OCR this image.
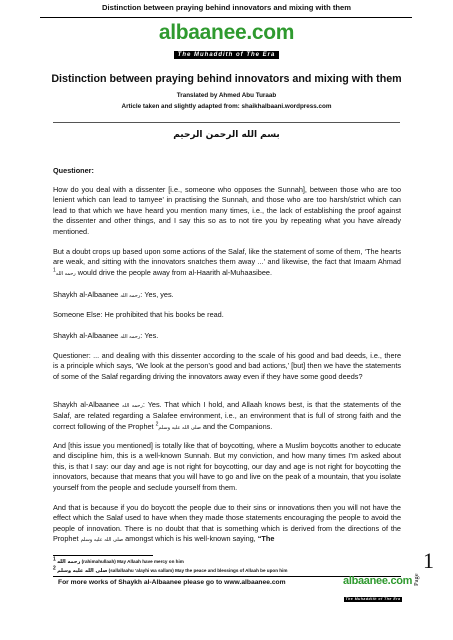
Distinction between praying behind innovators and mixing with them
albaanee.com
The Muhaddith of The Era
Distinction between praying behind innovators and mixing with them
Translated by Ahmed Abu Turaab
Article taken and slightly adapted from: shaikhalbaani.wordpress.com
بسم الله الرحمن الرحيم
Questioner:
How do you deal with a dissenter [i.e., someone who opposes the Sunnah], between those who are too lenient which can lead to tamyee’ in practising the Sunnah, and those who are too harsh/strict which can lead to that which we have heard you mention many times, i.e., the lack of establishing the proof against the dissenter and other things, and I say this so as to not tire you by repeating what you have already mentioned.
But a doubt crops up based upon some actions of the Salaf, like the statement of some of them, ‘The hearts are weak, and sitting with the innovators snatches them away ...’ and likewise, the fact that Imaam Ahmad رحمه الله$^1$	would drive the people away from al-Haarith al-Muhaasibee.
Shaykh al-Albaanee رحمه الله: Yes, yes.
Someone Else: He prohibited that his books be read.
Shaykh al-Albaanee رحمه الله: Yes.
Questioner: ... and dealing with this dissenter according to the scale of his good and bad deeds, i.e., there is a principle which says, ‘We look at the person’s good and bad actions,’ [but] then we have the statements of some of the Salaf regarding driving the innovators away even if they have some good deeds?
Shaykh al-Albaanee رحمه الله: Yes. That which I hold, and Allaah knows best, is that the statements of the Salaf, are related regarding a Salafee environment, i.e., an environment that is full of strong faith and the correct following of the Prophet صلى الله عليه وسلم$^2$	and the Companions.
And [this issue you mentioned] is totally like that of boycotting, where a Muslim boycotts another to educate and discipline him, this is a well-known Sunnah. But my conviction, and how many times I’m asked about this, is that I say: our day and age is not right for boycotting, our day and age is not right for boycotting the innovators, because that means that you will have to go and live on the peak of a mountain, that you isolate yourself from the people and seclude yourself from them.
And that is because if you do boycott the people due to their sins or innovations then you will not have the effect which the Salaf used to have when they made those statements encouraging the people to avoid the people of innovation. There is no doubt that that is something which is derived from the directions of the Prophet صلى الله عليه وسلم amongst which is his well-known saying, “The
$^1$ رحمه الله (rahimahullaah) May Allaah have mercy on him
$^2$ صلى الله عليه وسلم (sallallaahu ‘alayhi wa sallam) May the peace and blessings of Allaah be upon him
For more works of Shaykh al-Albaanee please go to www.albaanee.com	albaanee.com
The Muhaddith of The Era
1
Page
